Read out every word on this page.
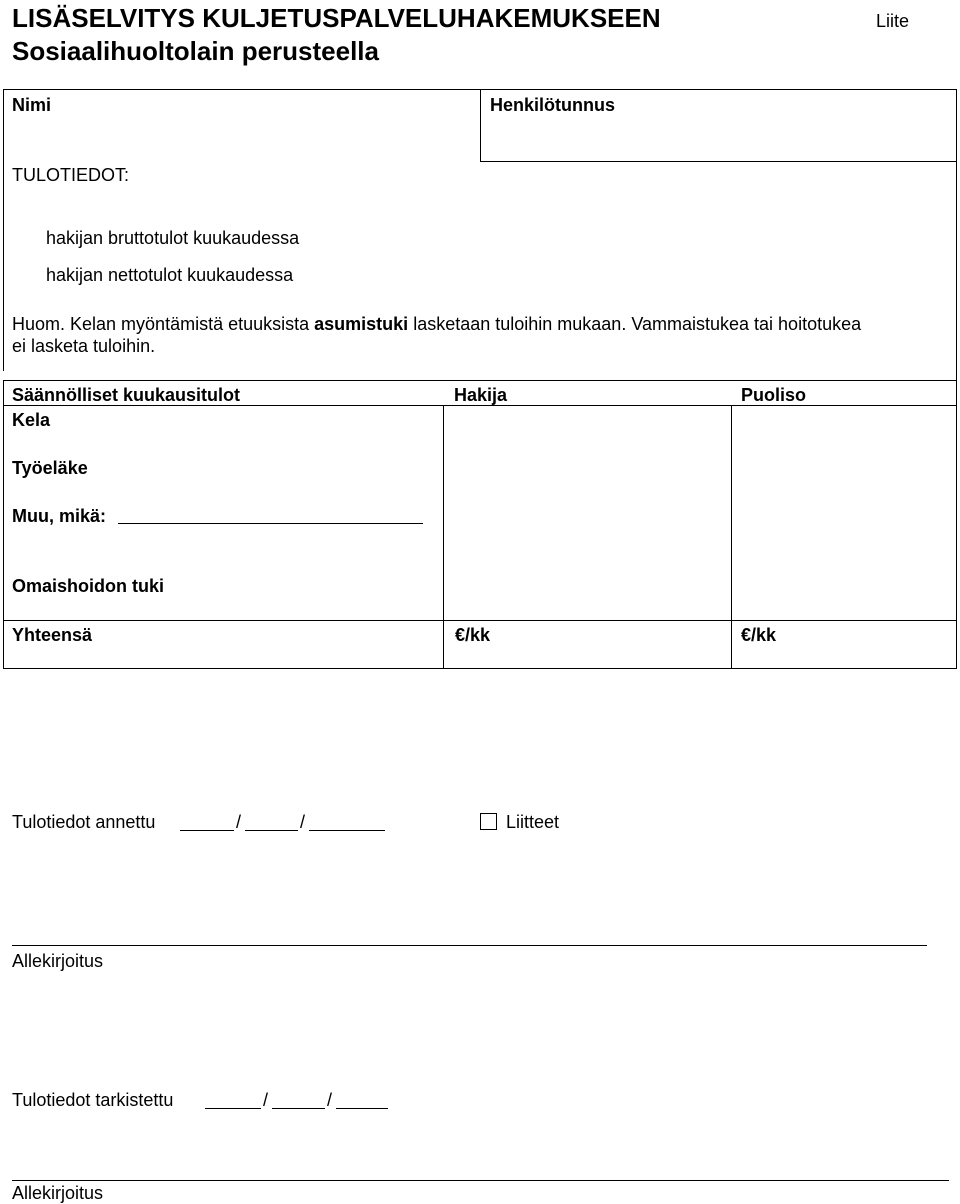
LISÄSELVITYS KULJETUSPALVELUHAKEMUKSEEN
Sosiaalihuoltolain perusteella
Liite
Nimi	Henkilötunnus
TULOTIEDOT:
hakijan bruttotulot kuukaudessa
hakijan nettotulot kuukaudessa
Huom. Kelan myöntämistä etuuksista asumistuki lasketaan tuloihin mukaan. Vammaistukea tai hoitotukea
ei lasketa tuloihin.
Säännölliset kuukausitulot	Hakija	Puoliso
Kela
Työeläke
Muu, mikä:
Omaishoidon tuki
Yhteensä	€/kk	€/kk
Tulotiedot annettu	/	/	Liitteet
Allekirjoitus
Tulotiedot tarkistettu	/	/
Allekirjoitus
